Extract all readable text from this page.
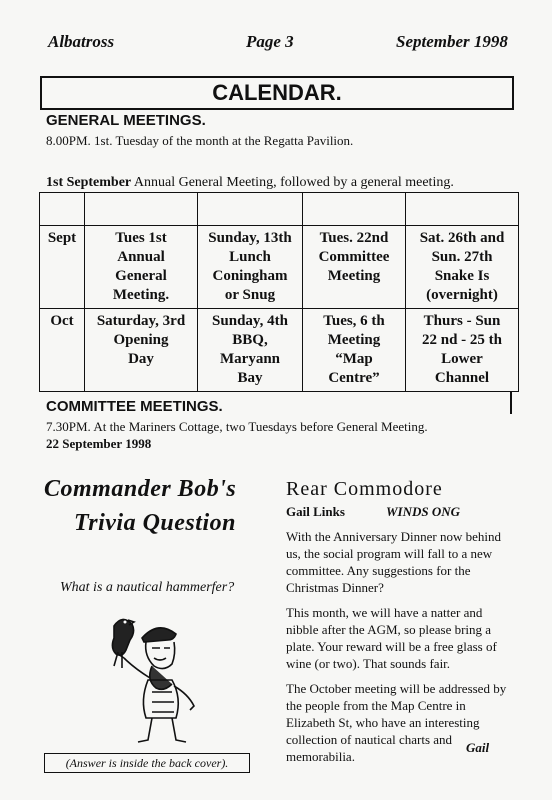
Albatross	Page 3	September 1998
CALENDAR.
GENERAL MEETINGS.
8.00PM. 1st. Tuesday of the month at the Regatta Pavilion.
1st September Annual General Meeting, followed by a general meeting.

Sept	Tues 1st
Annual
General
Meeting.	Sunday, 13th
Lunch
Coningham
or Snug	Tues. 22nd
Committee
Meeting	Sat. 26th and
Sun. 27th
Snake Is
(overnight)

Oct	Saturday, 3rd
Opening
Day	Sunday, 4th
BBQ,
Maryann
Bay	Tues, 6 th
Meeting
“Map
Centre”	Thurs - Sun
22 nd - 25 th
Lower
Channel
COMMITTEE MEETINGS.
7.30PM. At the Mariners Cottage, two Tuesdays before General Meeting.
22 September 1998
Commander Bob's
Trivia Question
What is a nautical hammerfer?
(Answer is inside the back cover).
Rear Commodore
Gail Links	WINDS ONG
With the Anniversary Dinner now behind us, the social program will fall to a new committee. Any suggestions for the Christmas Dinner?
This month, we will have a natter and nibble after the AGM, so please bring a plate. Your reward will be a free glass of wine (or two). That sounds fair.
The October meeting will be addressed by the people from the Map Centre in Elizabeth St, who have an interesting collection of nautical charts and memorabilia.
Gail
